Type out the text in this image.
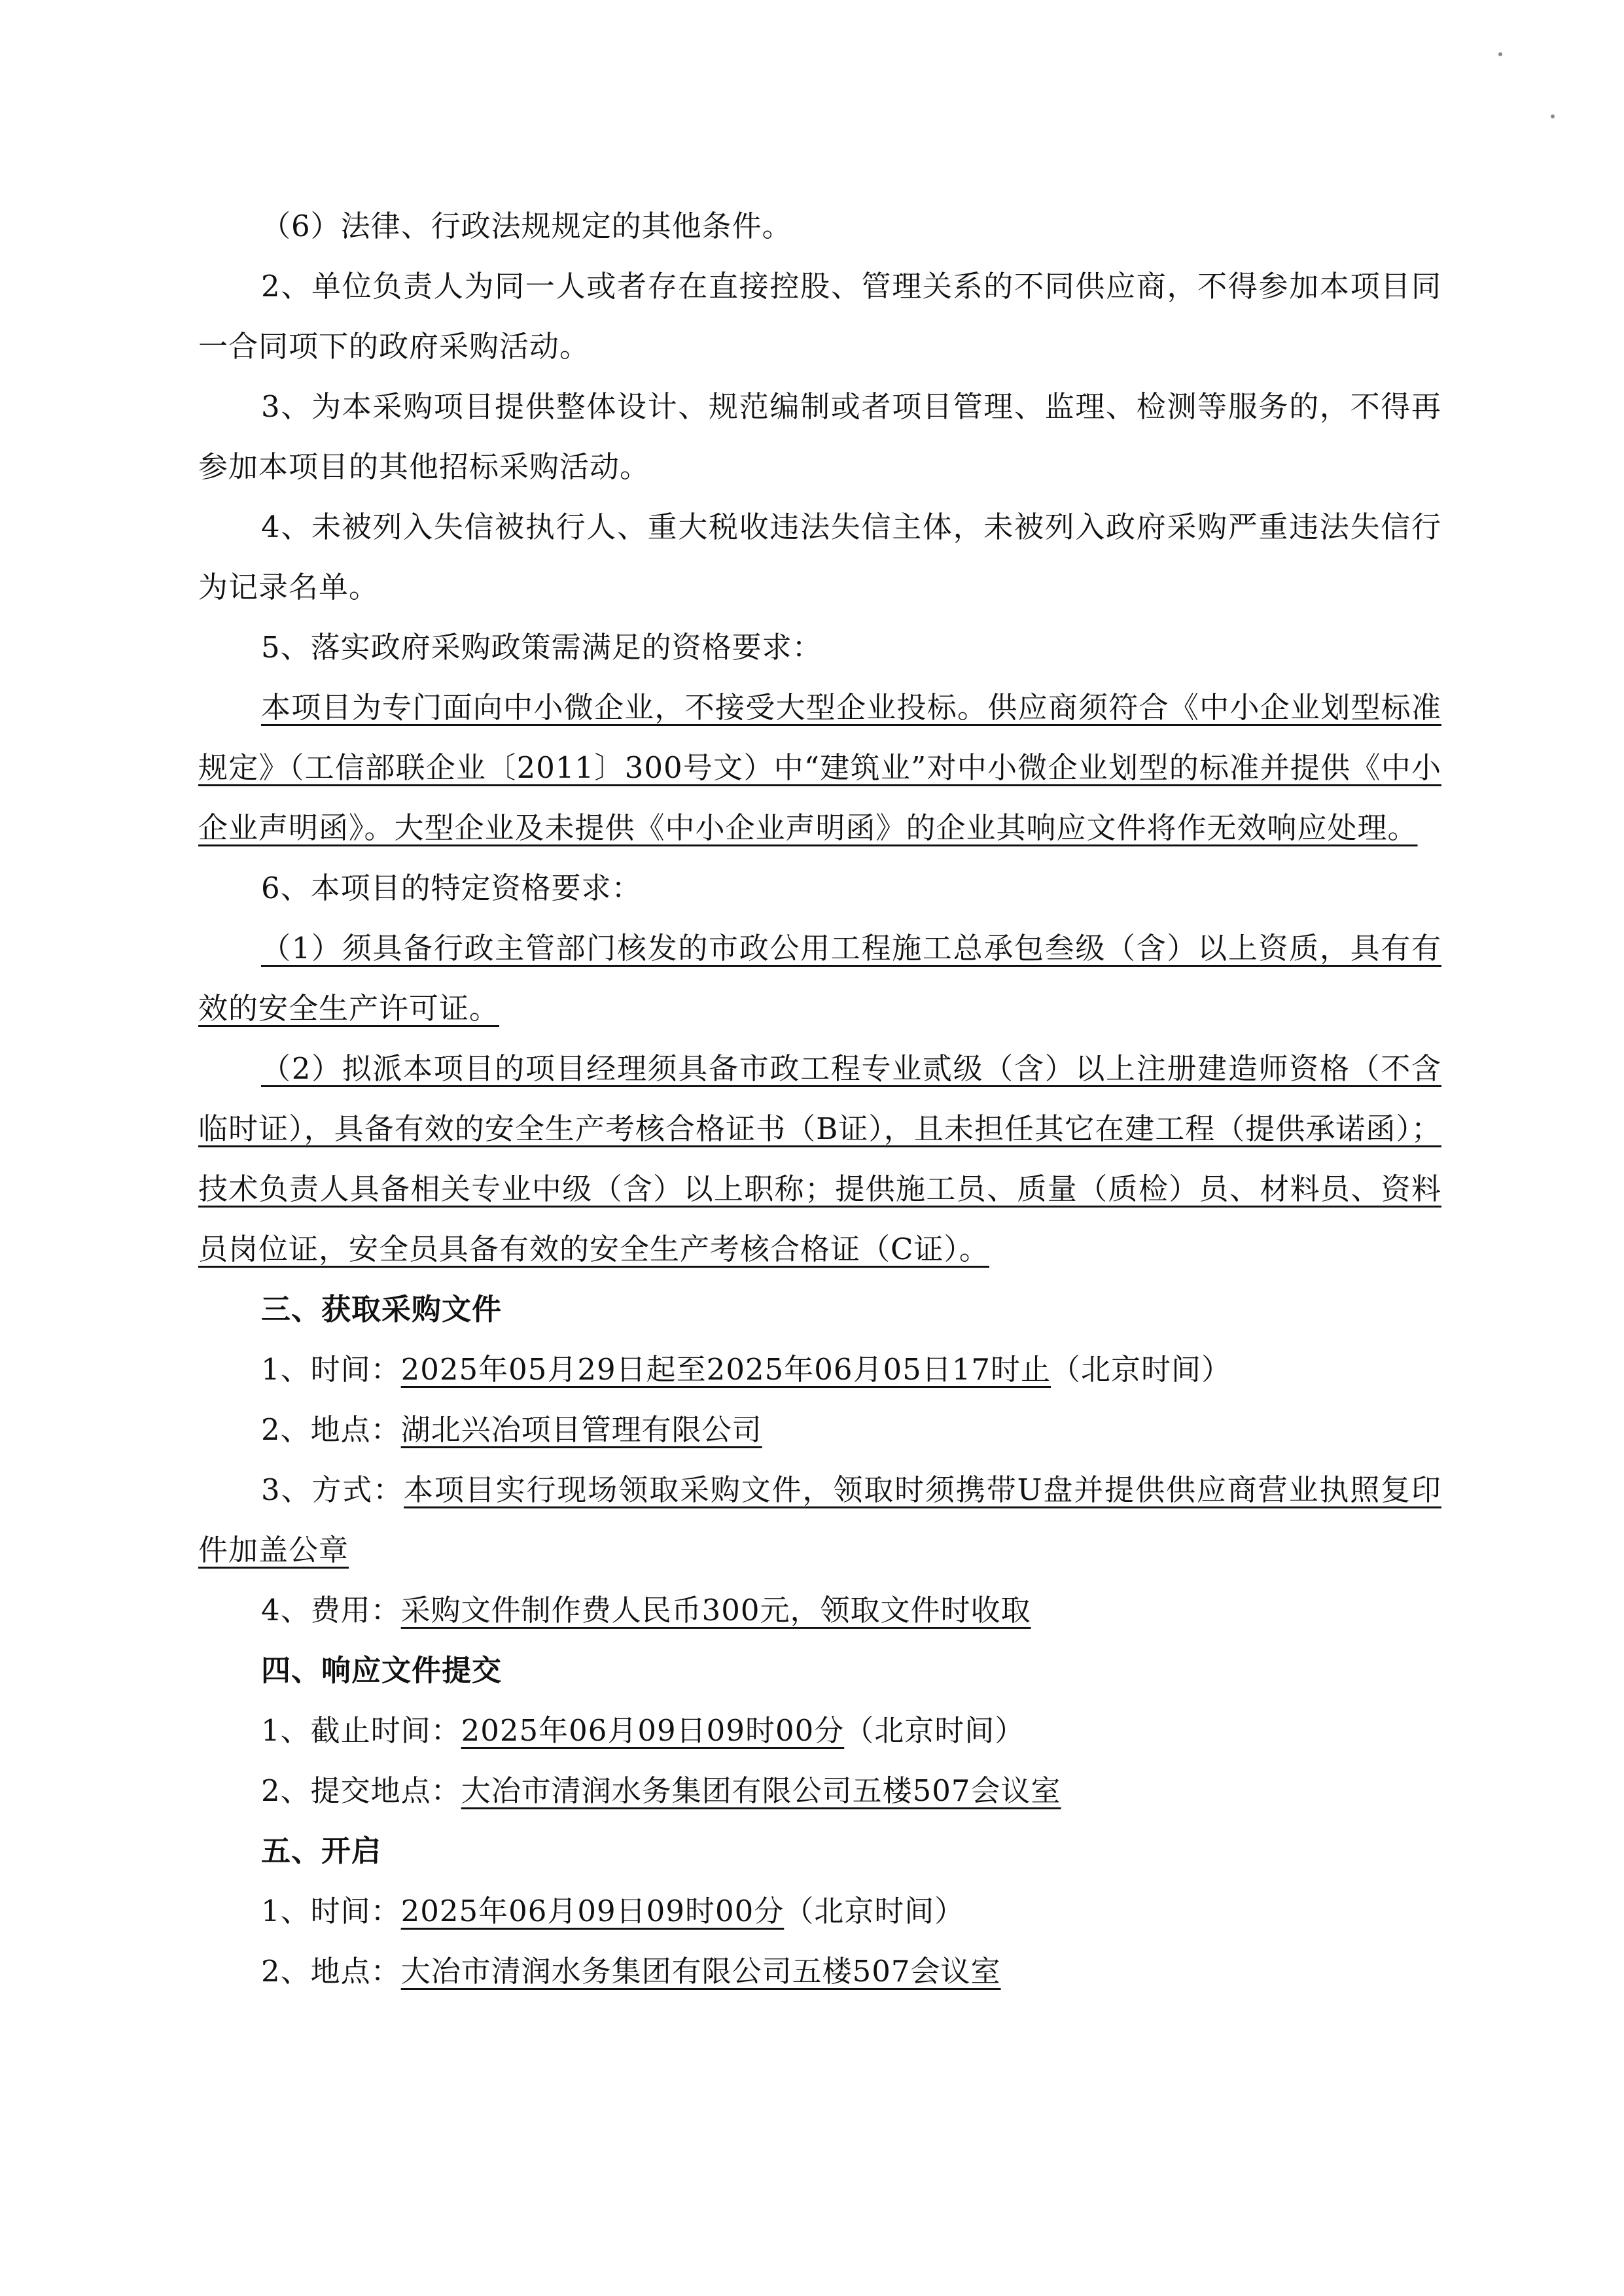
（6）法律、行政法规规定的其他条件。

2、单位负责人为同一人或者存在直接控股、管理关系的不同供应商，不得参加本项目同一合同项下的政府采购活动。

3、为本采购项目提供整体设计、规范编制或者项目管理、监理、检测等服务的，不得再参加本项目的其他招标采购活动。

4、未被列入失信被执行人、重大税收违法失信主体，未被列入政府采购严重违法失信行为记录名单。

5、落实政府采购政策需满足的资格要求：

本项目为专门面向中小微企业，不接受大型企业投标。供应商须符合《中小企业划型标准规定》（工信部联企业〔2011〕300号文）中“建筑业”对中小微企业划型的标准并提供《中小企业声明函》。大型企业及未提供《中小企业声明函》的企业其响应文件将作无效响应处理。

6、本项目的特定资格要求：

（1）须具备行政主管部门核发的市政公用工程施工总承包叁级（含）以上资质，具有有效的安全生产许可证。

（2）拟派本项目的项目经理须具备市政工程专业贰级（含）以上注册建造师资格（不含临时证），具备有效的安全生产考核合格证书（B证），且未担任其它在建工程（提供承诺函）；技术负责人具备相关专业中级（含）以上职称；提供施工员、质量（质检）员、材料员、资料员岗位证，安全员具备有效的安全生产考核合格证（C证）。

三、获取采购文件

1、时间：2025年05月29日起至2025年06月05日17时止（北京时间）

2、地点：湖北兴冶项目管理有限公司

3、方式：本项目实行现场领取采购文件，领取时须携带U盘并提供供应商营业执照复印件加盖公章

4、费用：采购文件制作费人民币300元，领取文件时收取

四、响应文件提交

1、截止时间：2025年06月09日09时00分（北京时间）

2、提交地点：大冶市清润水务集团有限公司五楼507会议室

五、开启

1、时间：2025年06月09日09时00分（北京时间）

2、地点：大冶市清润水务集团有限公司五楼507会议室
